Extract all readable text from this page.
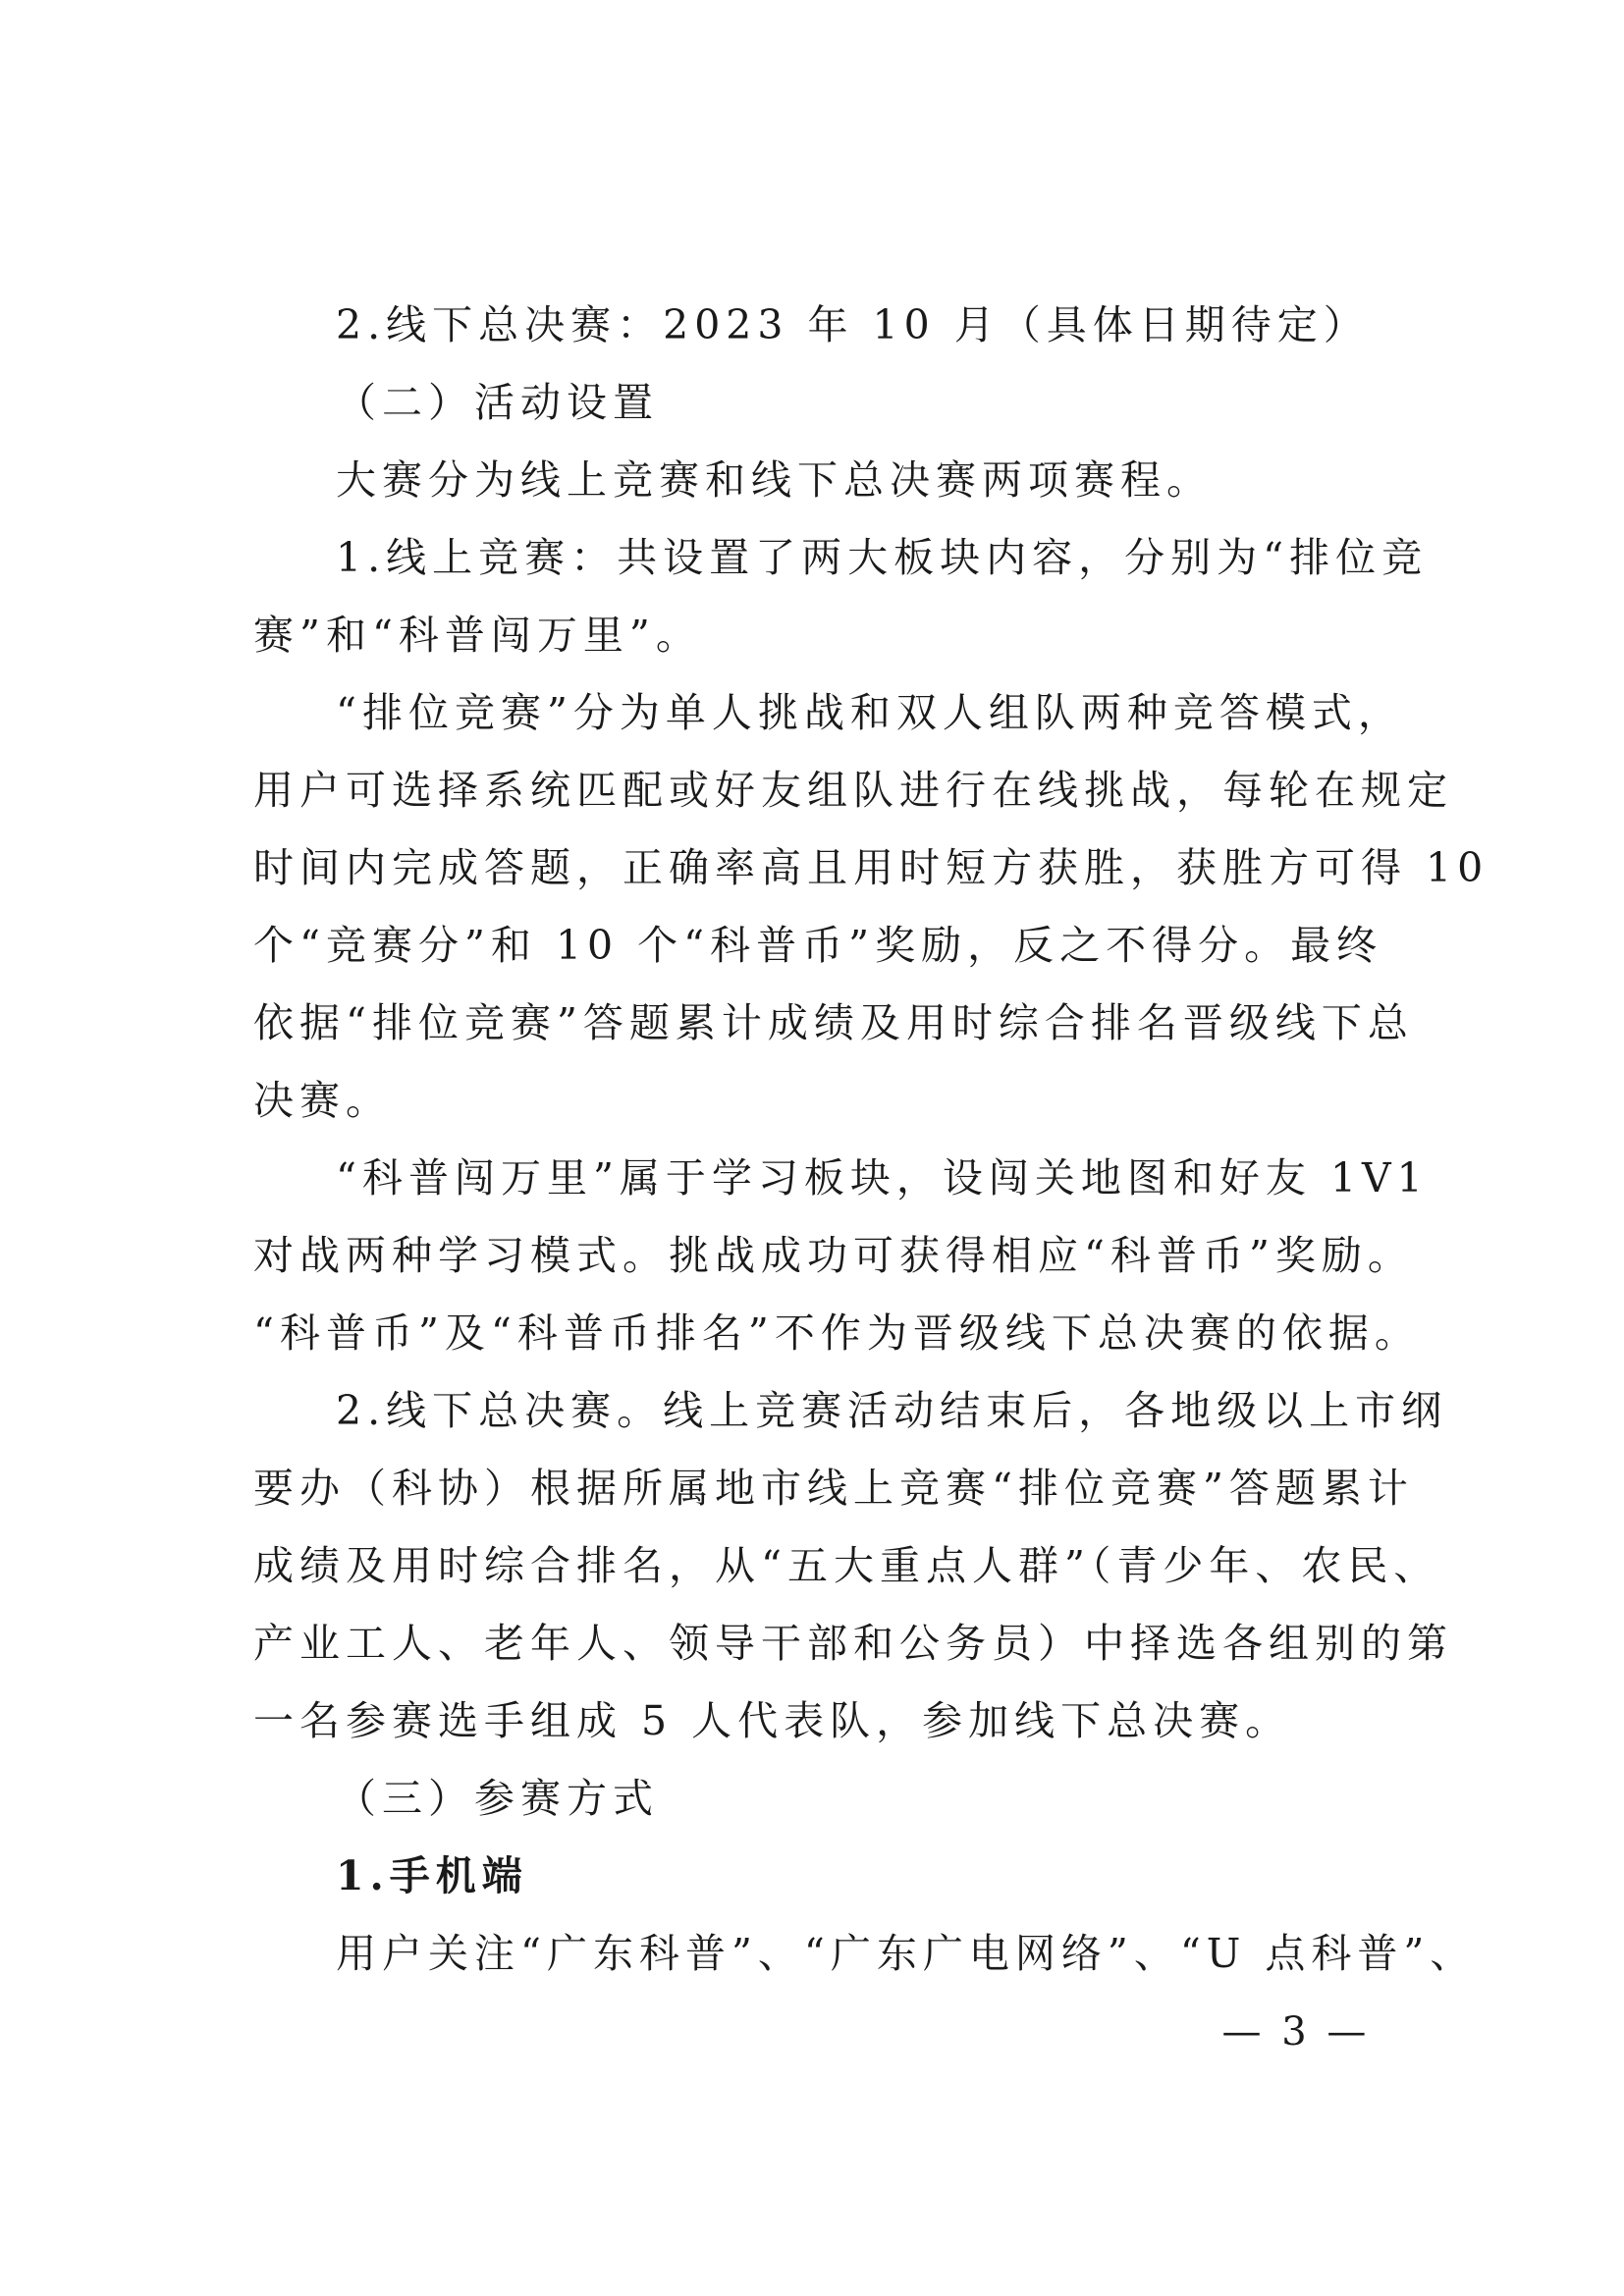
2.线下总决赛：2023 年 10 月（具体日期待定）
（二）活动设置
大赛分为线上竞赛和线下总决赛两项赛程。
1.线上竞赛：共设置了两大板块内容，分别为“排位竞
赛”和“科普闯万里”。
“排位竞赛”分为单人挑战和双人组队两种竞答模式，
用户可选择系统匹配或好友组队进行在线挑战，每轮在规定
时间内完成答题，正确率高且用时短方获胜，获胜方可得 10
个“竞赛分”和 10 个“科普币”奖励，反之不得分。最终
依据“排位竞赛”答题累计成绩及用时综合排名晋级线下总
决赛。
“科普闯万里”属于学习板块，设闯关地图和好友 1V1
对战两种学习模式。挑战成功可获得相应“科普币”奖励。
“科普币”及“科普币排名”不作为晋级线下总决赛的依据。
2.线下总决赛。线上竞赛活动结束后，各地级以上市纲
要办（科协）根据所属地市线上竞赛“排位竞赛”答题累计
成绩及用时综合排名，从“五大重点人群”（青少年、农民、
产业工人、老年人、领导干部和公务员）中择选各组别的第
一名参赛选手组成 5 人代表队，参加线下总决赛。
（三）参赛方式
1.手机端
用户关注“广东科普”、“广东广电网络”、“U 点科普”、
— 3 —
